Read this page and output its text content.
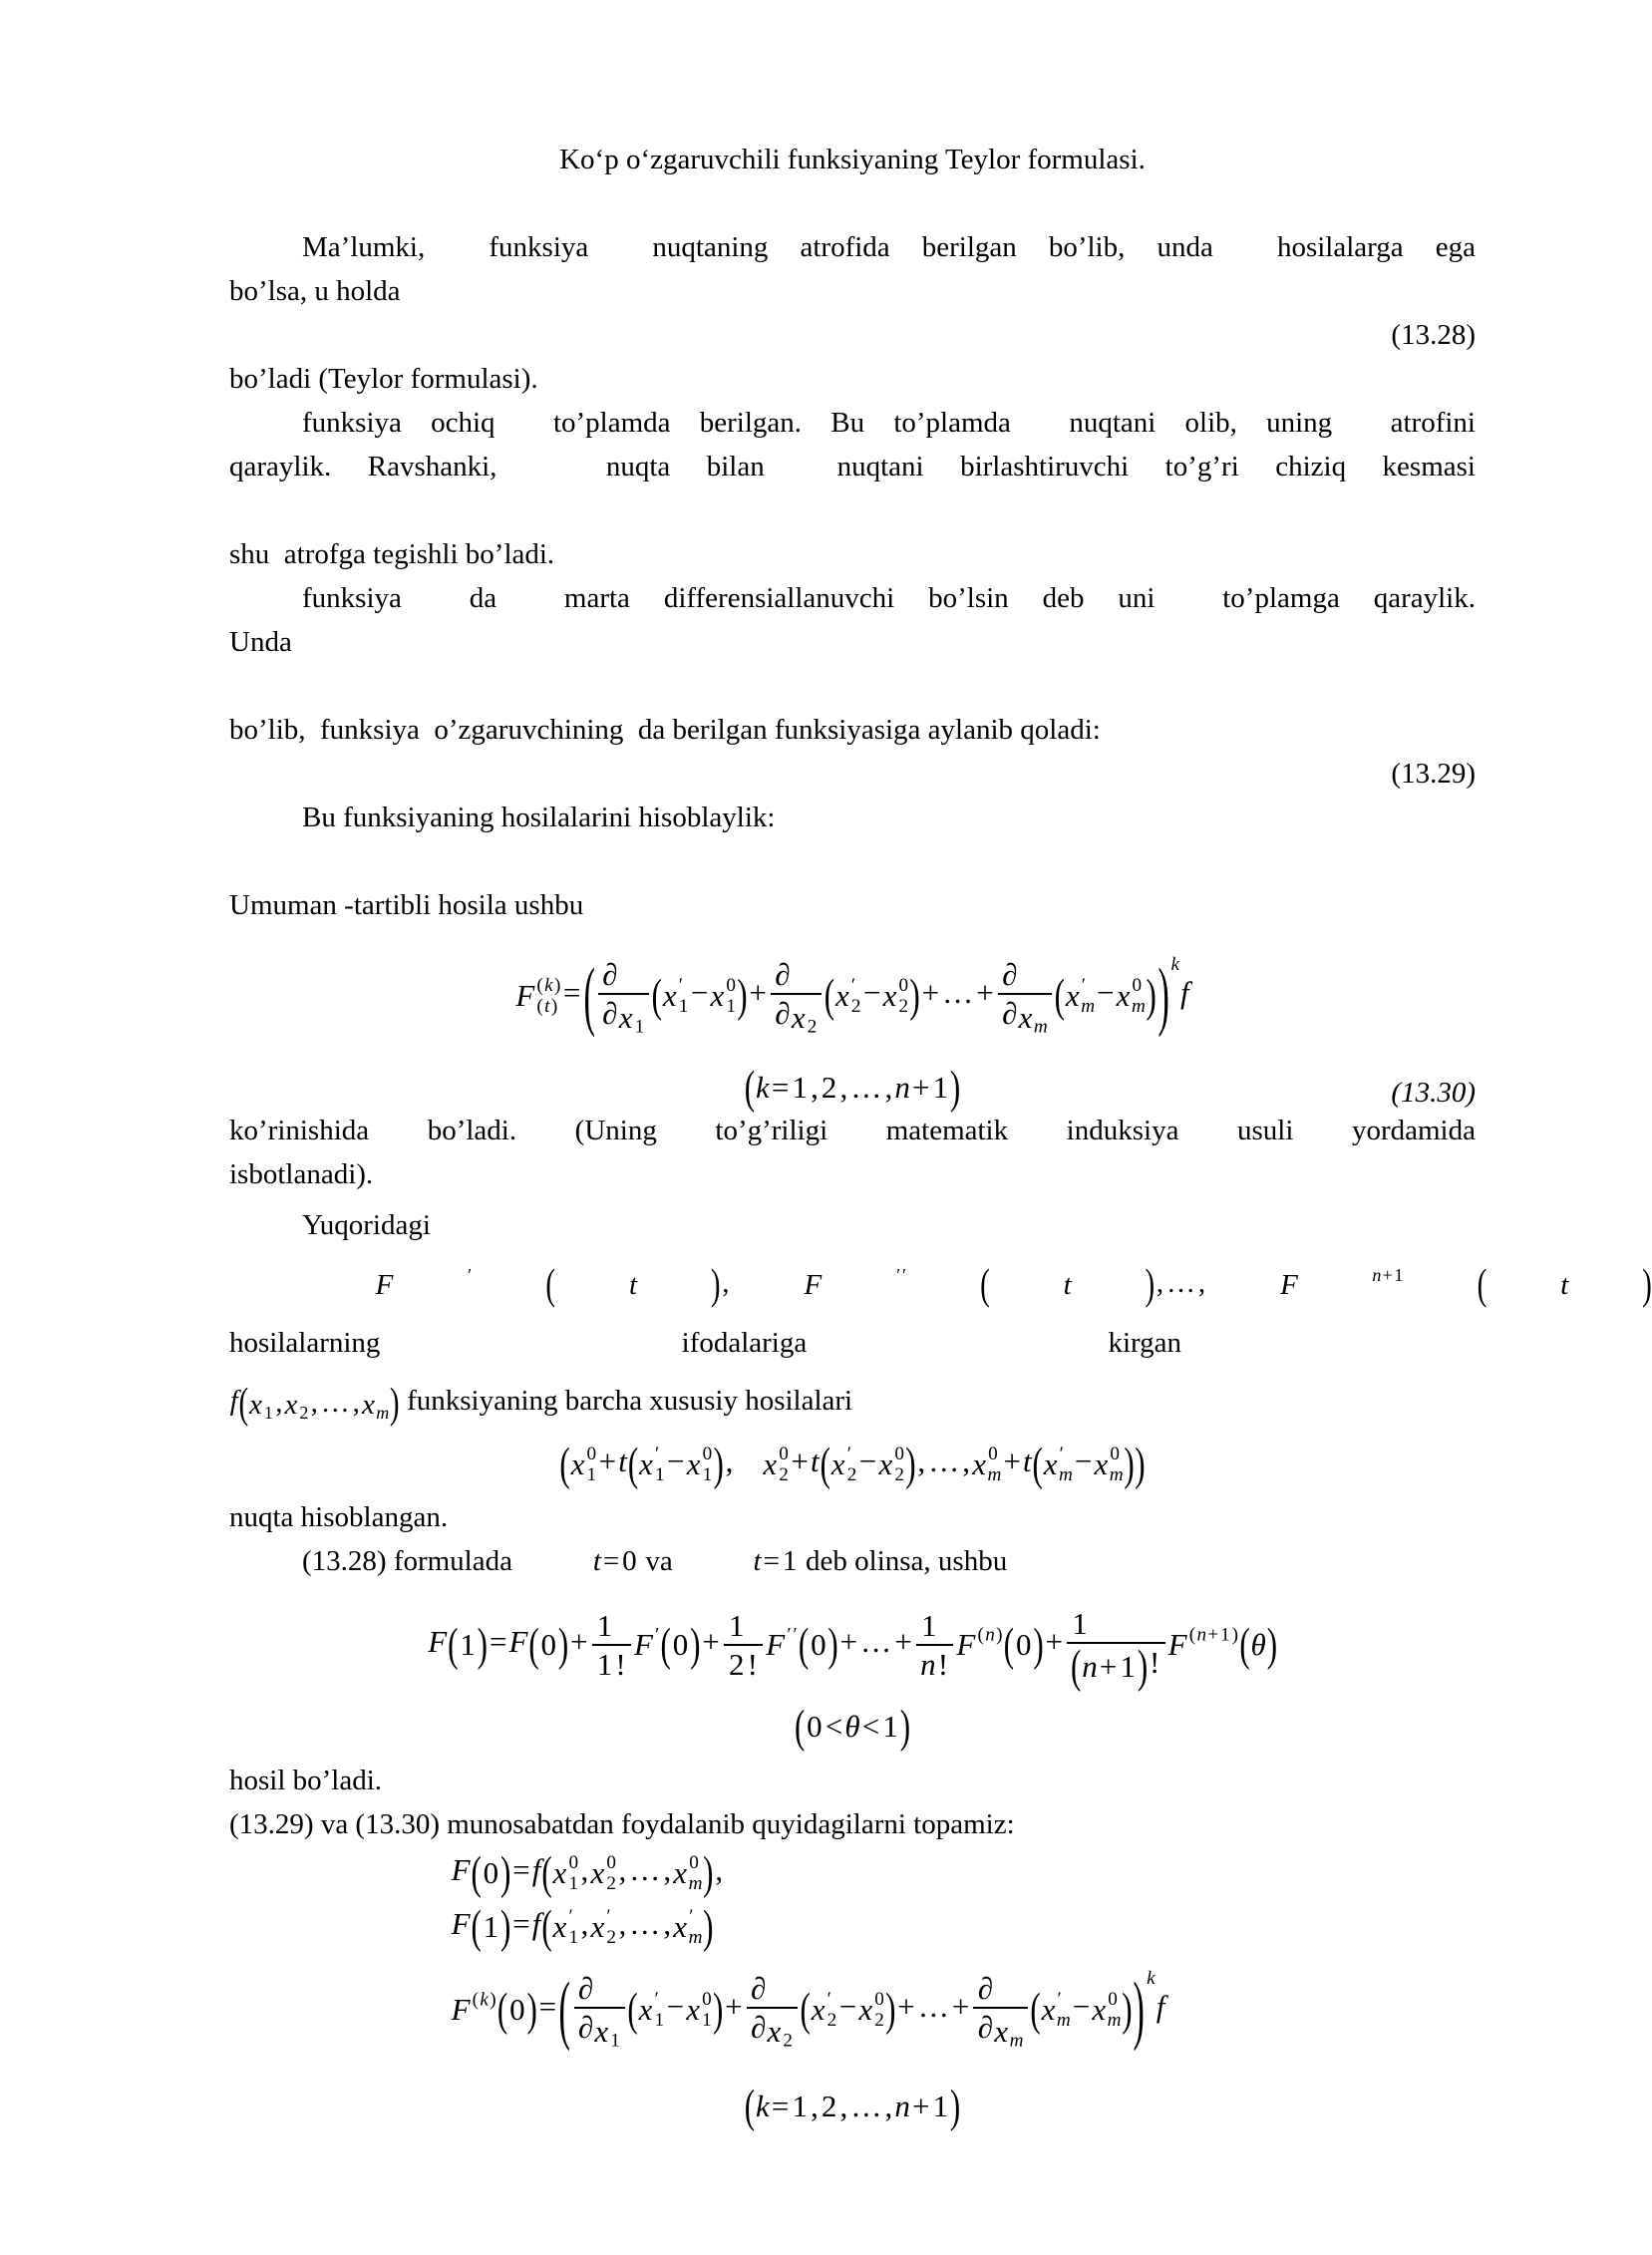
Koʻp oʻzgaruvchili funksiyaning Teylor formulasi.
Ma’lumki,  funksiya  nuqtaning atrofida berilgan bo’lib, unda  hosilalarga ega
bo’lsa, u holda
(13.28)
bo’ladi (Teylor formulasi).
funksiya ochiq  to’plamda berilgan. Bu to’plamda  nuqtani olib, uning  atrofini
qaraylik. Ravshanki,   nuqta bilan  nuqtani birlashtiruvchi to’g’ri chiziq kesmasi
shu  atrofga tegishli bo’ladi.
funksiya  da  marta differensiallanuvchi bo’lsin deb uni  to’plamga qaraylik.
Unda
bo’lib,  funksiya  o’zgaruvchining  da berilgan funksiyasiga aylanib qoladi:
(13.29)
Bu funksiyaning hosilalarini hisoblaylik:
Umuman -tartibli hosila ushbu
F (k)
(t) = ( ∂
∂ x 1
( x ′
1 − x 0
1 ) +
∂
∂ x 2
( x ′
2 − x 0
2 ) +…+
∂
∂ x m
( x ′
m − x 0
m ) ) k
f
( k=1,2,…,n+1 )	(13.30)
ko’rinishida bo’ladi. (Uning to’g’riligi matematik induksiya usuli yordamida
isbotlanadi).
Yuqoridagi
F	′	(	t	) ,	F	′′	(	t	) ,…,	F	n+1	(	t	)
hosilalarning ifodalariga kirgan
f ( x 1 , x 2 ,…, x m ) funksiyaning barcha xususiy hosilalari
( x 0
1 +t ( x ′
1 − x 0
1 ) , x 0
2 +t ( x ′
2 − x 0
2 ) ,…, x 0
m +t ( x ′
m − x 0
m ) )
nuqta hisoblangan.
(13.28) formulada	t=0 va	t=1 deb olinsa, ushbu
F ( 1 ) =F ( 0 ) + $\frac{1}{1!}$ F ′ ( 0 ) + $\frac{1}{2!}$ F ′′ ( 0 ) +…+ $\frac{1}{n!}$ F (n) ( 0 ) + $\frac{1}{( n+1 ) !}$ F (n+1) ( θ )
( 0<θ<1 )
hosil bo’ladi.
(13.29) va (13.30) munosabatdan foydalanib quyidagilarni topamiz:
F ( 0 ) =f ( x 0
1 , x 0
2 ,…, x 0
m ) ,
F ( 1 ) =f ( x ′
1 , x ′
2 ,…, x ′
m )
F (k) ( 0 ) = ( ∂
∂ x 1
( x ′
1 − x 0
1 ) +
∂
∂ x 2
( x ′
2 − x 0
2 ) +…+
∂
∂ x m
( x ′
m − x 0
m ) ) k
f
( k=1,2,…,n+1 )
